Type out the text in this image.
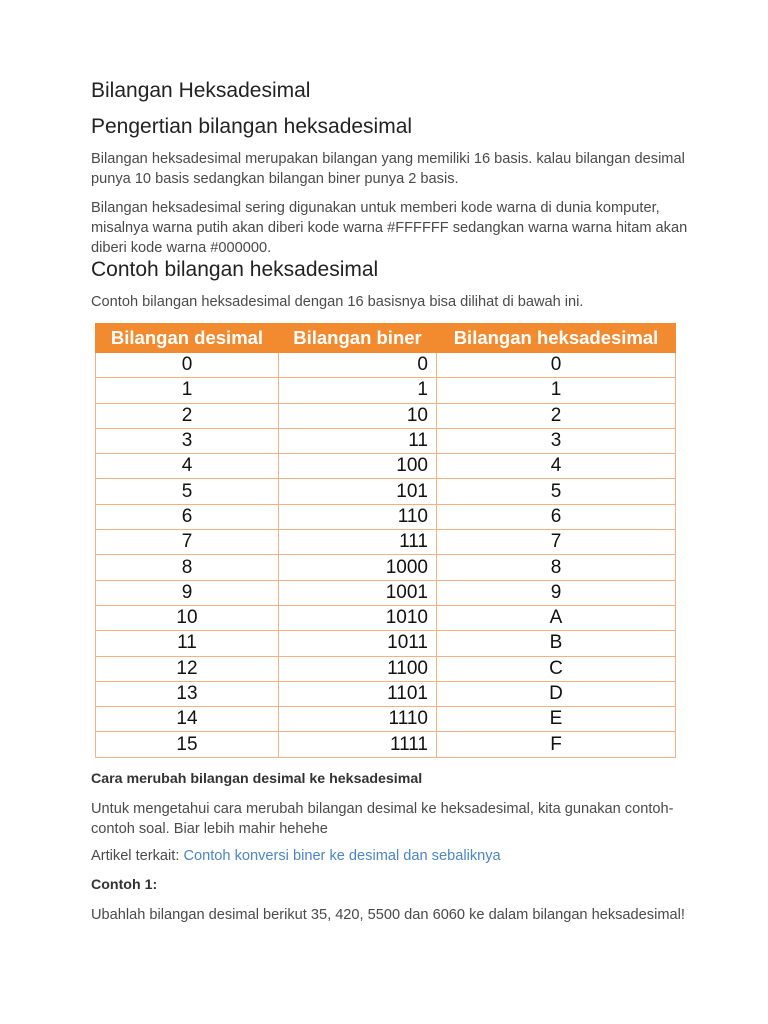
Bilangan Heksadesimal
Pengertian bilangan heksadesimal
Bilangan heksadesimal merupakan bilangan yang memiliki 16 basis. kalau bilangan desimal punya 10 basis sedangkan bilangan biner punya 2 basis.
Bilangan heksadesimal sering digunakan untuk memberi kode warna di dunia komputer, misalnya warna putih akan diberi kode warna #FFFFFF sedangkan warna warna hitam akan diberi kode warna #000000.
Contoh bilangan heksadesimal
Contoh bilangan heksadesimal dengan 16 basisnya bisa dilihat di bawah ini.
Cara merubah bilangan desimal ke heksadesimal
Untuk mengetahui cara merubah bilangan desimal ke heksadesimal, kita gunakan contoh-contoh soal. Biar lebih mahir hehehe
Artikel terkait: Contoh konversi biner ke desimal dan sebaliknya
Contoh 1:
Ubahlah bilangan desimal berikut 35, 420, 5500 dan 6060 ke dalam bilangan heksadesimal!
Bilangan desimal	Bilangan biner	Bilangan heksadesimal
0	0	0
1	1	1
2	10	2
3	11	3
4	100	4
5	101	5
6	110	6
7	111	7
8	1000	8
9	1001	9
10	1010	A
11	1011	B
12	1100	C
13	1101	D
14	1110	E
15	1111	F
